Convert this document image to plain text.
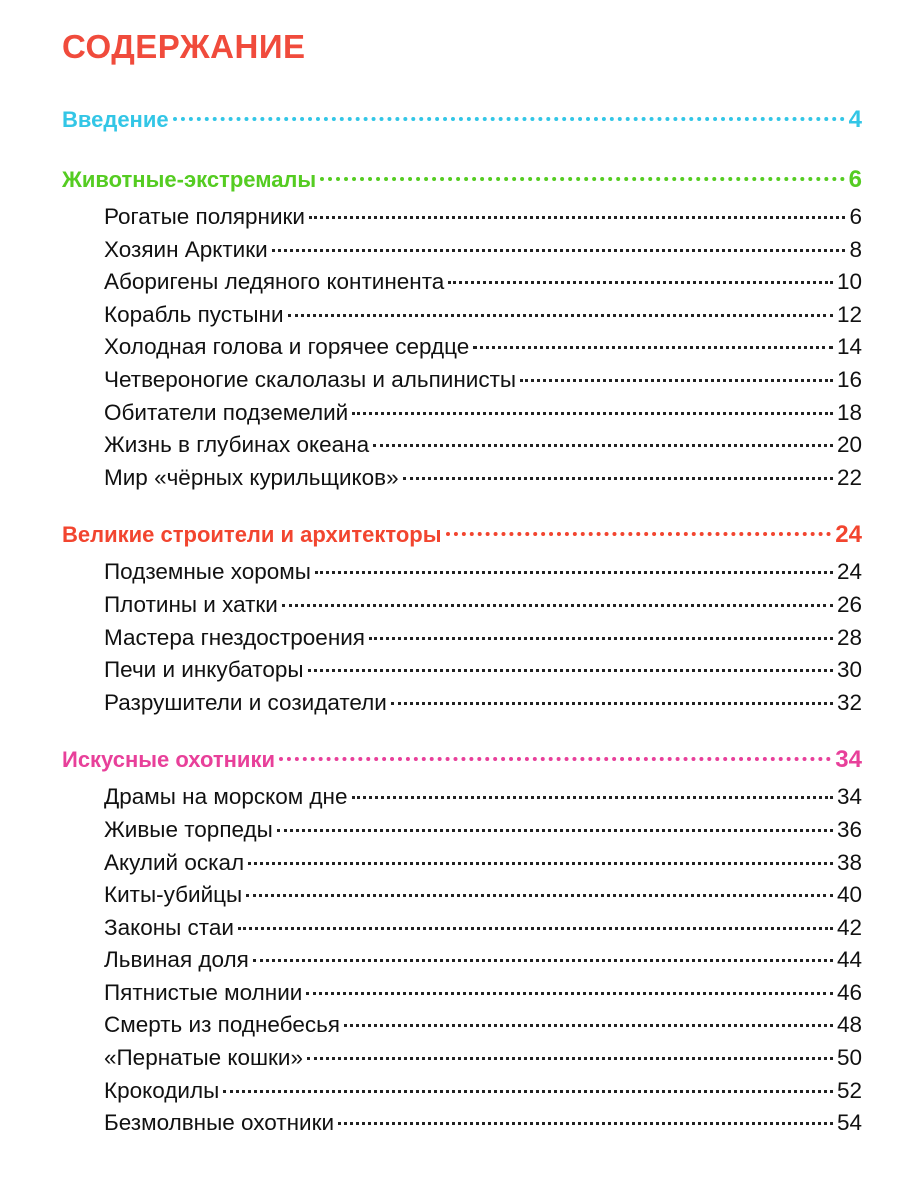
СОДЕРЖАНИЕ
Введение	4
Животные-экстремалы	6
Рогатые полярники	6
Хозяин Арктики	8
Аборигены ледяного континента	10
Корабль пустыни	12
Холодная голова и горячее сердце	14
Четвероногие скалолазы и альпинисты	16
Обитатели подземелий	18
Жизнь в глубинах океана	20
Мир «чёрных курильщиков»	22
Великие строители и архитекторы	24
Подземные хоромы	24
Плотины и хатки	26
Мастера гнездостроения	28
Печи и инкубаторы	30
Разрушители и созидатели	32
Искусные охотники	34
Драмы на морском дне	34
Живые торпеды	36
Акулий оскал	38
Киты-убийцы	40
Законы стаи	42
Львиная доля	44
Пятнистые молнии	46
Смерть из поднебесья	48
«Пернатые кошки»	50
Крокодилы	52
Безмолвные охотники	54
